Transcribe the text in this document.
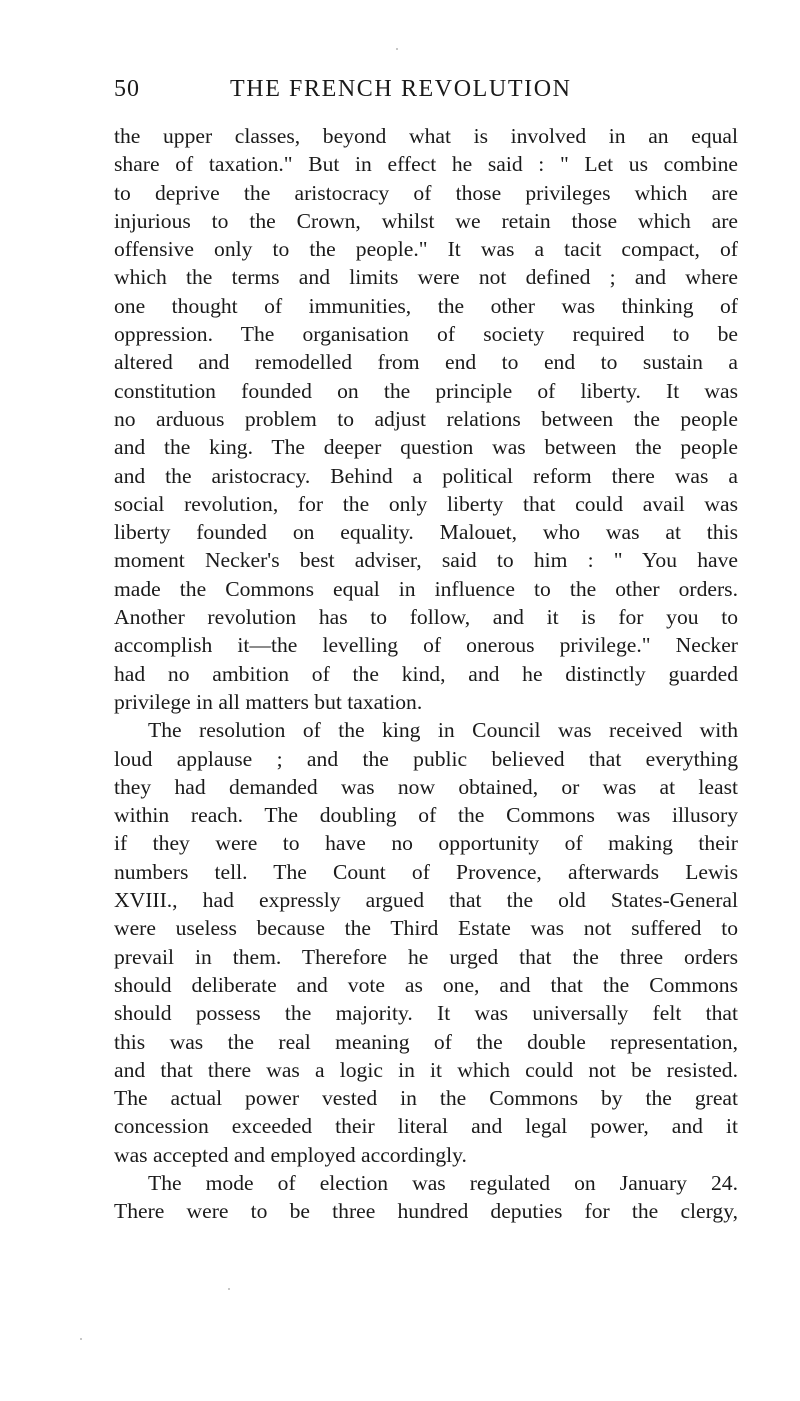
50	THE FRENCH REVOLUTION

the upper classes, beyond what is involved in an equal
share of taxation." But in effect he said : " Let us combine
to deprive the aristocracy of those privileges which are
injurious to the Crown, whilst we retain those which are
offensive only to the people." It was a tacit compact, of
which the terms and limits were not defined ; and where
one thought of immunities, the other was thinking of
oppression. The organisation of society required to be
altered and remodelled from end to end to sustain a
constitution founded on the principle of liberty. It was
no arduous problem to adjust relations between the people
and the king. The deeper question was between the people
and the aristocracy. Behind a political reform there was a
social revolution, for the only liberty that could avail was
liberty founded on equality. Malouet, who was at this
moment Necker's best adviser, said to him : " You have
made the Commons equal in influence to the other orders.
Another revolution has to follow, and it is for you to
accomplish it—the levelling of onerous privilege." Necker
had no ambition of the kind, and he distinctly guarded
privilege in all matters but taxation.

The resolution of the king in Council was received with
loud applause ; and the public believed that everything
they had demanded was now obtained, or was at least
within reach. The doubling of the Commons was illusory
if they were to have no opportunity of making their
numbers tell. The Count of Provence, afterwards Lewis
XVIII., had expressly argued that the old States-General
were useless because the Third Estate was not suffered to
prevail in them. Therefore he urged that the three orders
should deliberate and vote as one, and that the Commons
should possess the majority. It was universally felt that
this was the real meaning of the double representation,
and that there was a logic in it which could not be resisted.
The actual power vested in the Commons by the great
concession exceeded their literal and legal power, and it
was accepted and employed accordingly.

The mode of election was regulated on January 24.
There were to be three hundred deputies for the clergy,
